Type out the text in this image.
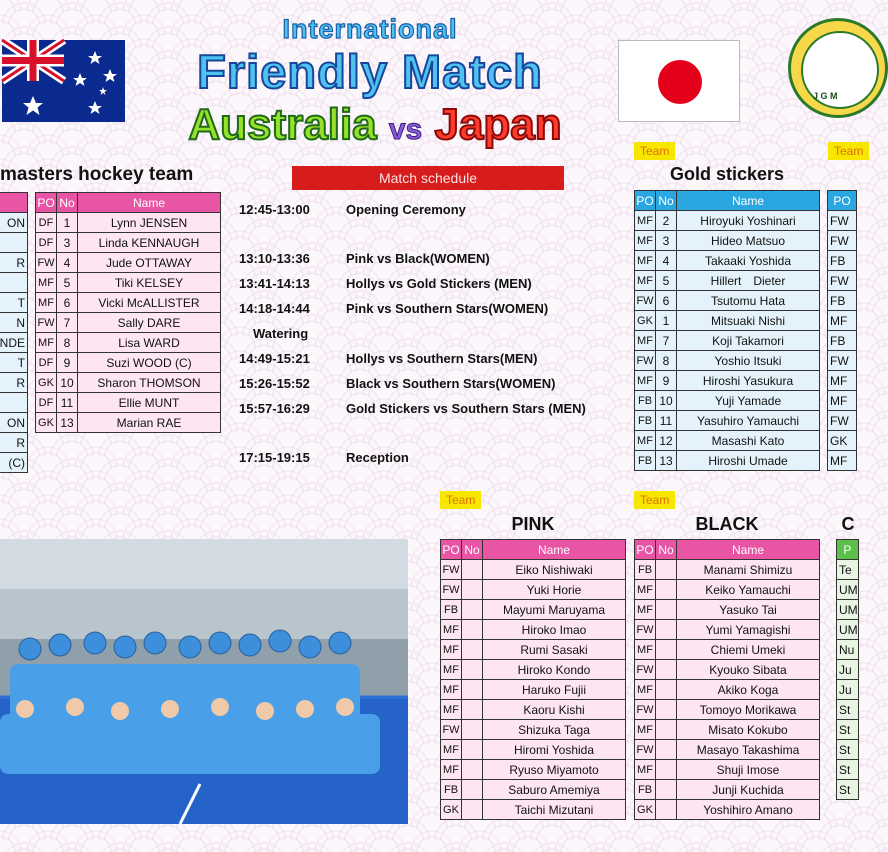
J G M
International
Friendly Match
Australia vs Japan
masters hockey team

ON

R

T
N
NDE
T
R

ON
R
(C)
PO	No	Name
DF	1	Lynn JENSEN
DF	3	Linda KENNAUGH
FW	4	Jude OTTAWAY
MF	5	Tiki KELSEY
MF	6	Vicki McALLISTER
FW	7	Sally DARE
MF	8	Lisa WARD
DF	9	Suzi WOOD (C)
GK	10	Sharon THOMSON
DF	11	Ellie MUNT
GK	13	Marian RAE
Match schedule
12:45-13:00	Opening Ceremony
13:10-13:36	Pink vs Black(WOMEN)
13:41-14:13	Hollys vs Gold Stickers (MEN)
14:18-14:44	Pink vs Southern Stars(WOMEN)
Watering
14:49-15:21	Hollys vs Southern Stars(MEN)
15:26-15:52	Black vs Southern Stars(WOMEN)
15:57-16:29	Gold Stickers vs Southern Stars (MEN)
17:15-19:15	Reception
Team	Team
Gold stickers
PO	No	Name
MF	2	Hiroyuki Yoshinari
MF	3	Hideo Matsuo
MF	4	Takaaki Yoshida
MF	5	Hillert　Dieter
FW	6	Tsutomu Hata
GK	1	Mitsuaki Nishi
MF	7	Koji Takamori
FW	8	Yoshio Itsuki
MF	9	Hiroshi Yasukura
FB	10	Yuji Yamade
FB	11	Yasuhiro Yamauchi
MF	12	Masashi Kato
FB	13	Hiroshi Umade
PO
FW
FW
FB
FW
FB
MF
FB
FW
MF
MF
FW
GK
MF
Team
PINK
PO	No	Name
FW		Eiko Nishiwaki
FW		Yuki Horie
FB		Mayumi Maruyama
MF		Hiroko Imao
MF		Rumi Sasaki
MF		Hiroko Kondo
MF		Haruko Fujii
MF		Kaoru Kishi
FW		Shizuka Taga
MF		Hiromi Yoshida
MF		Ryuso Miyamoto
FB		Saburo Amemiya
GK		Taichi Mizutani
Team
BLACK
PO	No	Name
FB		Manami Shimizu
MF		Keiko Yamauchi
MF		Yasuko Tai
FW		Yumi Yamagishi
MF		Chiemi Umeki
FW		Kyouko Sibata
MF		Akiko Koga
FW		Tomoyo Morikawa
MF		Misato Kokubo
FW		Masayo Takashima
MF		Shuji Imose
FB		Junji Kuchida
GK		Yoshihiro Amano
C
P
Te
UM
UM
UM
Nu
Ju
Ju
St
St
St
St
St
